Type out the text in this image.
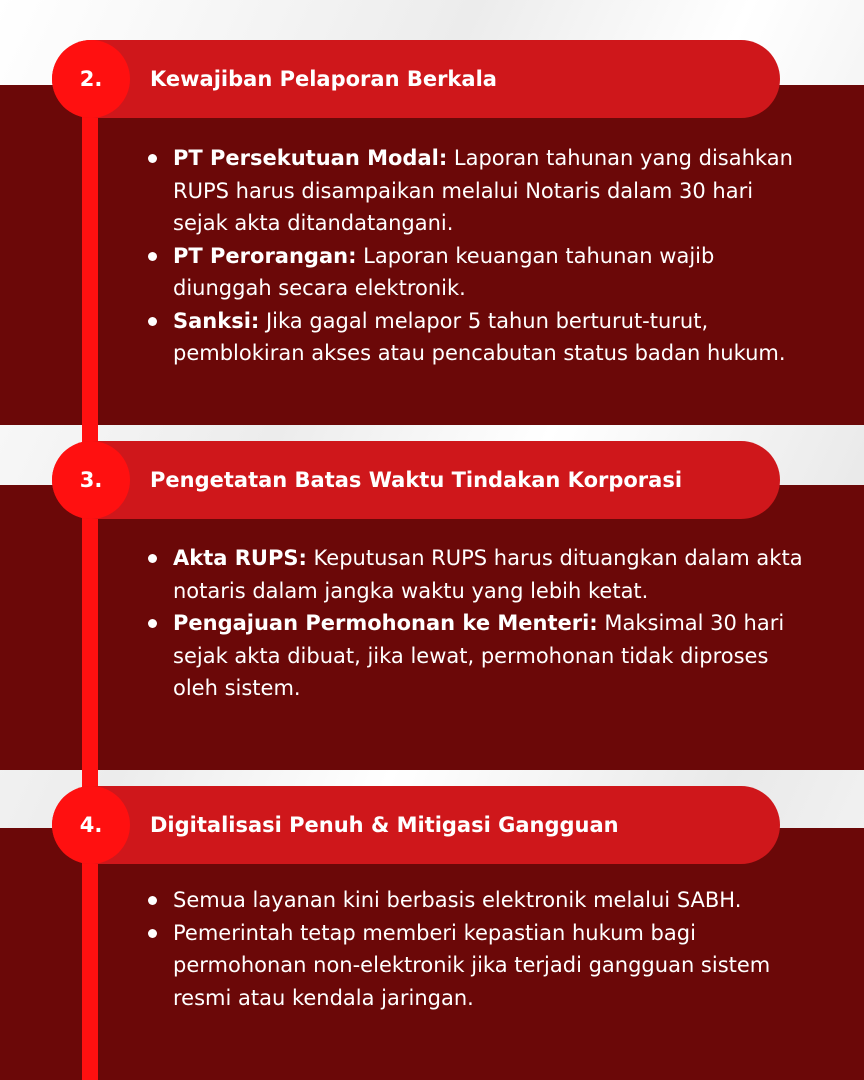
2.	Kewajiban Pelaporan Berkala
PT Persekutuan Modal: Laporan tahunan yang disahkan RUPS harus disampaikan melalui Notaris dalam 30 hari sejak akta ditandatangani.
PT Perorangan: Laporan keuangan tahunan wajib diunggah secara elektronik.
Sanksi: Jika gagal melapor 5 tahun berturut-turut, pemblokiran akses atau pencabutan status badan hukum.
3.	Pengetatan Batas Waktu Tindakan Korporasi
Akta RUPS: Keputusan RUPS harus dituangkan dalam akta notaris dalam jangka waktu yang lebih ketat.
Pengajuan Permohonan ke Menteri: Maksimal 30 hari sejak akta dibuat, jika lewat, permohonan tidak diproses oleh sistem.
4.	Digitalisasi Penuh & Mitigasi Gangguan
Semua layanan kini berbasis elektronik melalui SABH.
Pemerintah tetap memberi kepastian hukum bagi permohonan non-elektronik jika terjadi gangguan sistem resmi atau kendala jaringan.
